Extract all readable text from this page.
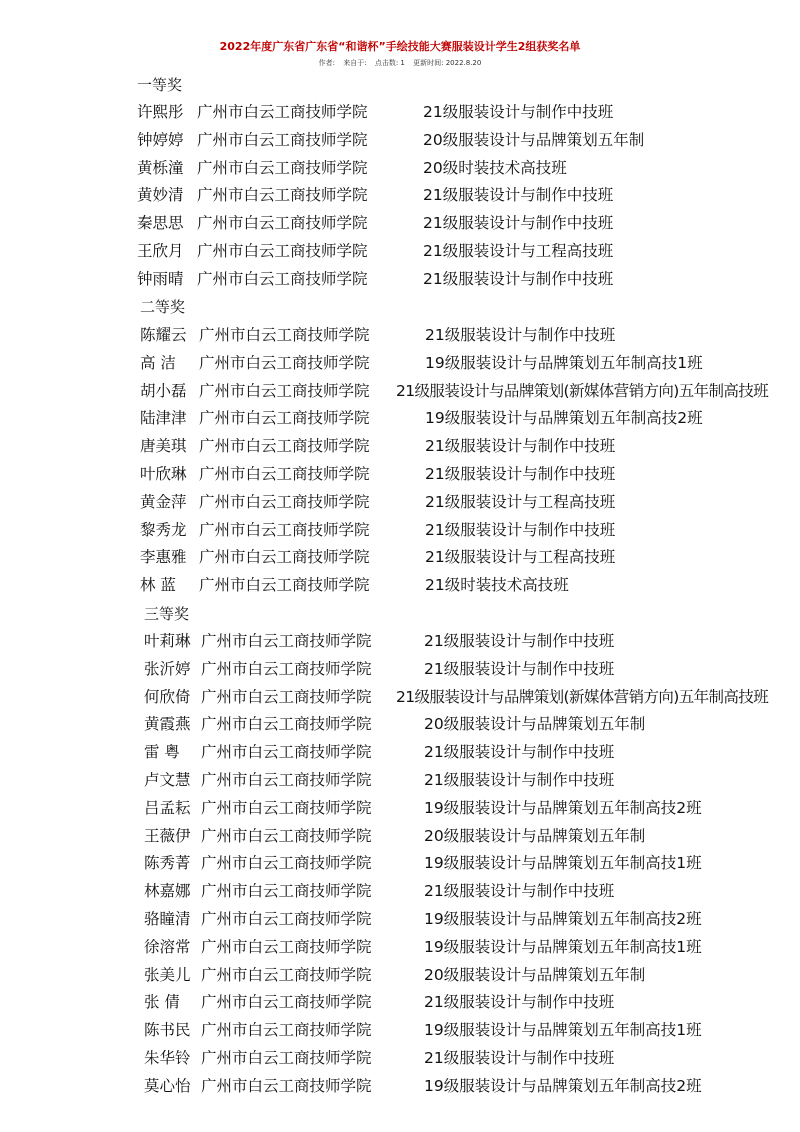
2022年度广东省广东省“和谐杯”手绘技能大赛服装设计学生2组获奖名单
作者: 来自于: 点击数: 1 更新时间: 2022.8.20
一等奖
许熙彤 广州市白云工商技师学院	21级服装设计与制作中技班
钟婷婷 广州市白云工商技师学院	20级服装设计与品牌策划五年制
黄栎潼 广州市白云工商技师学院	20级时装技术高技班
黄妙清 广州市白云工商技师学院	21级服装设计与制作中技班
秦思思 广州市白云工商技师学院	21级服装设计与制作中技班
王欣月 广州市白云工商技师学院	21级服装设计与工程高技班
钟雨晴 广州市白云工商技师学院	21级服装设计与制作中技班
二等奖
陈耀云 广州市白云工商技师学院	21级服装设计与制作中技班
高 洁 广州市白云工商技师学院	19级服装设计与品牌策划五年制高技1班
胡小磊 广州市白云工商技师学院 21级服装设计与品牌策划(新媒体营销方向)五年制高技班
陆津津 广州市白云工商技师学院	19级服装设计与品牌策划五年制高技2班
唐美琪 广州市白云工商技师学院	21级服装设计与制作中技班
叶欣琳 广州市白云工商技师学院	21级服装设计与制作中技班
黄金萍 广州市白云工商技师学院	21级服装设计与工程高技班
黎秀龙 广州市白云工商技师学院	21级服装设计与制作中技班
李惠雅 广州市白云工商技师学院	21级服装设计与工程高技班
林 蓝 广州市白云工商技师学院	21级时装技术高技班
三等奖
叶莉琳 广州市白云工商技师学院	21级服装设计与制作中技班
张沂婷 广州市白云工商技师学院	21级服装设计与制作中技班
何欣倚 广州市白云工商技师学院 21级服装设计与品牌策划(新媒体营销方向)五年制高技班
黄霞燕 广州市白云工商技师学院	20级服装设计与品牌策划五年制
雷 粤 广州市白云工商技师学院	21级服装设计与制作中技班
卢文慧 广州市白云工商技师学院	21级服装设计与制作中技班
吕孟耘 广州市白云工商技师学院	19级服装设计与品牌策划五年制高技2班
王薇伊 广州市白云工商技师学院	20级服装设计与品牌策划五年制
陈秀菁 广州市白云工商技师学院	19级服装设计与品牌策划五年制高技1班
林嘉娜 广州市白云工商技师学院	21级服装设计与制作中技班
骆瞳清 广州市白云工商技师学院	19级服装设计与品牌策划五年制高技2班
徐溶常 广州市白云工商技师学院	19级服装设计与品牌策划五年制高技1班
张美儿 广州市白云工商技师学院	20级服装设计与品牌策划五年制
张 倩 广州市白云工商技师学院	21级服装设计与制作中技班
陈书民 广州市白云工商技师学院	19级服装设计与品牌策划五年制高技1班
朱华铃 广州市白云工商技师学院	21级服装设计与制作中技班
莫心怡 广州市白云工商技师学院	19级服装设计与品牌策划五年制高技2班
